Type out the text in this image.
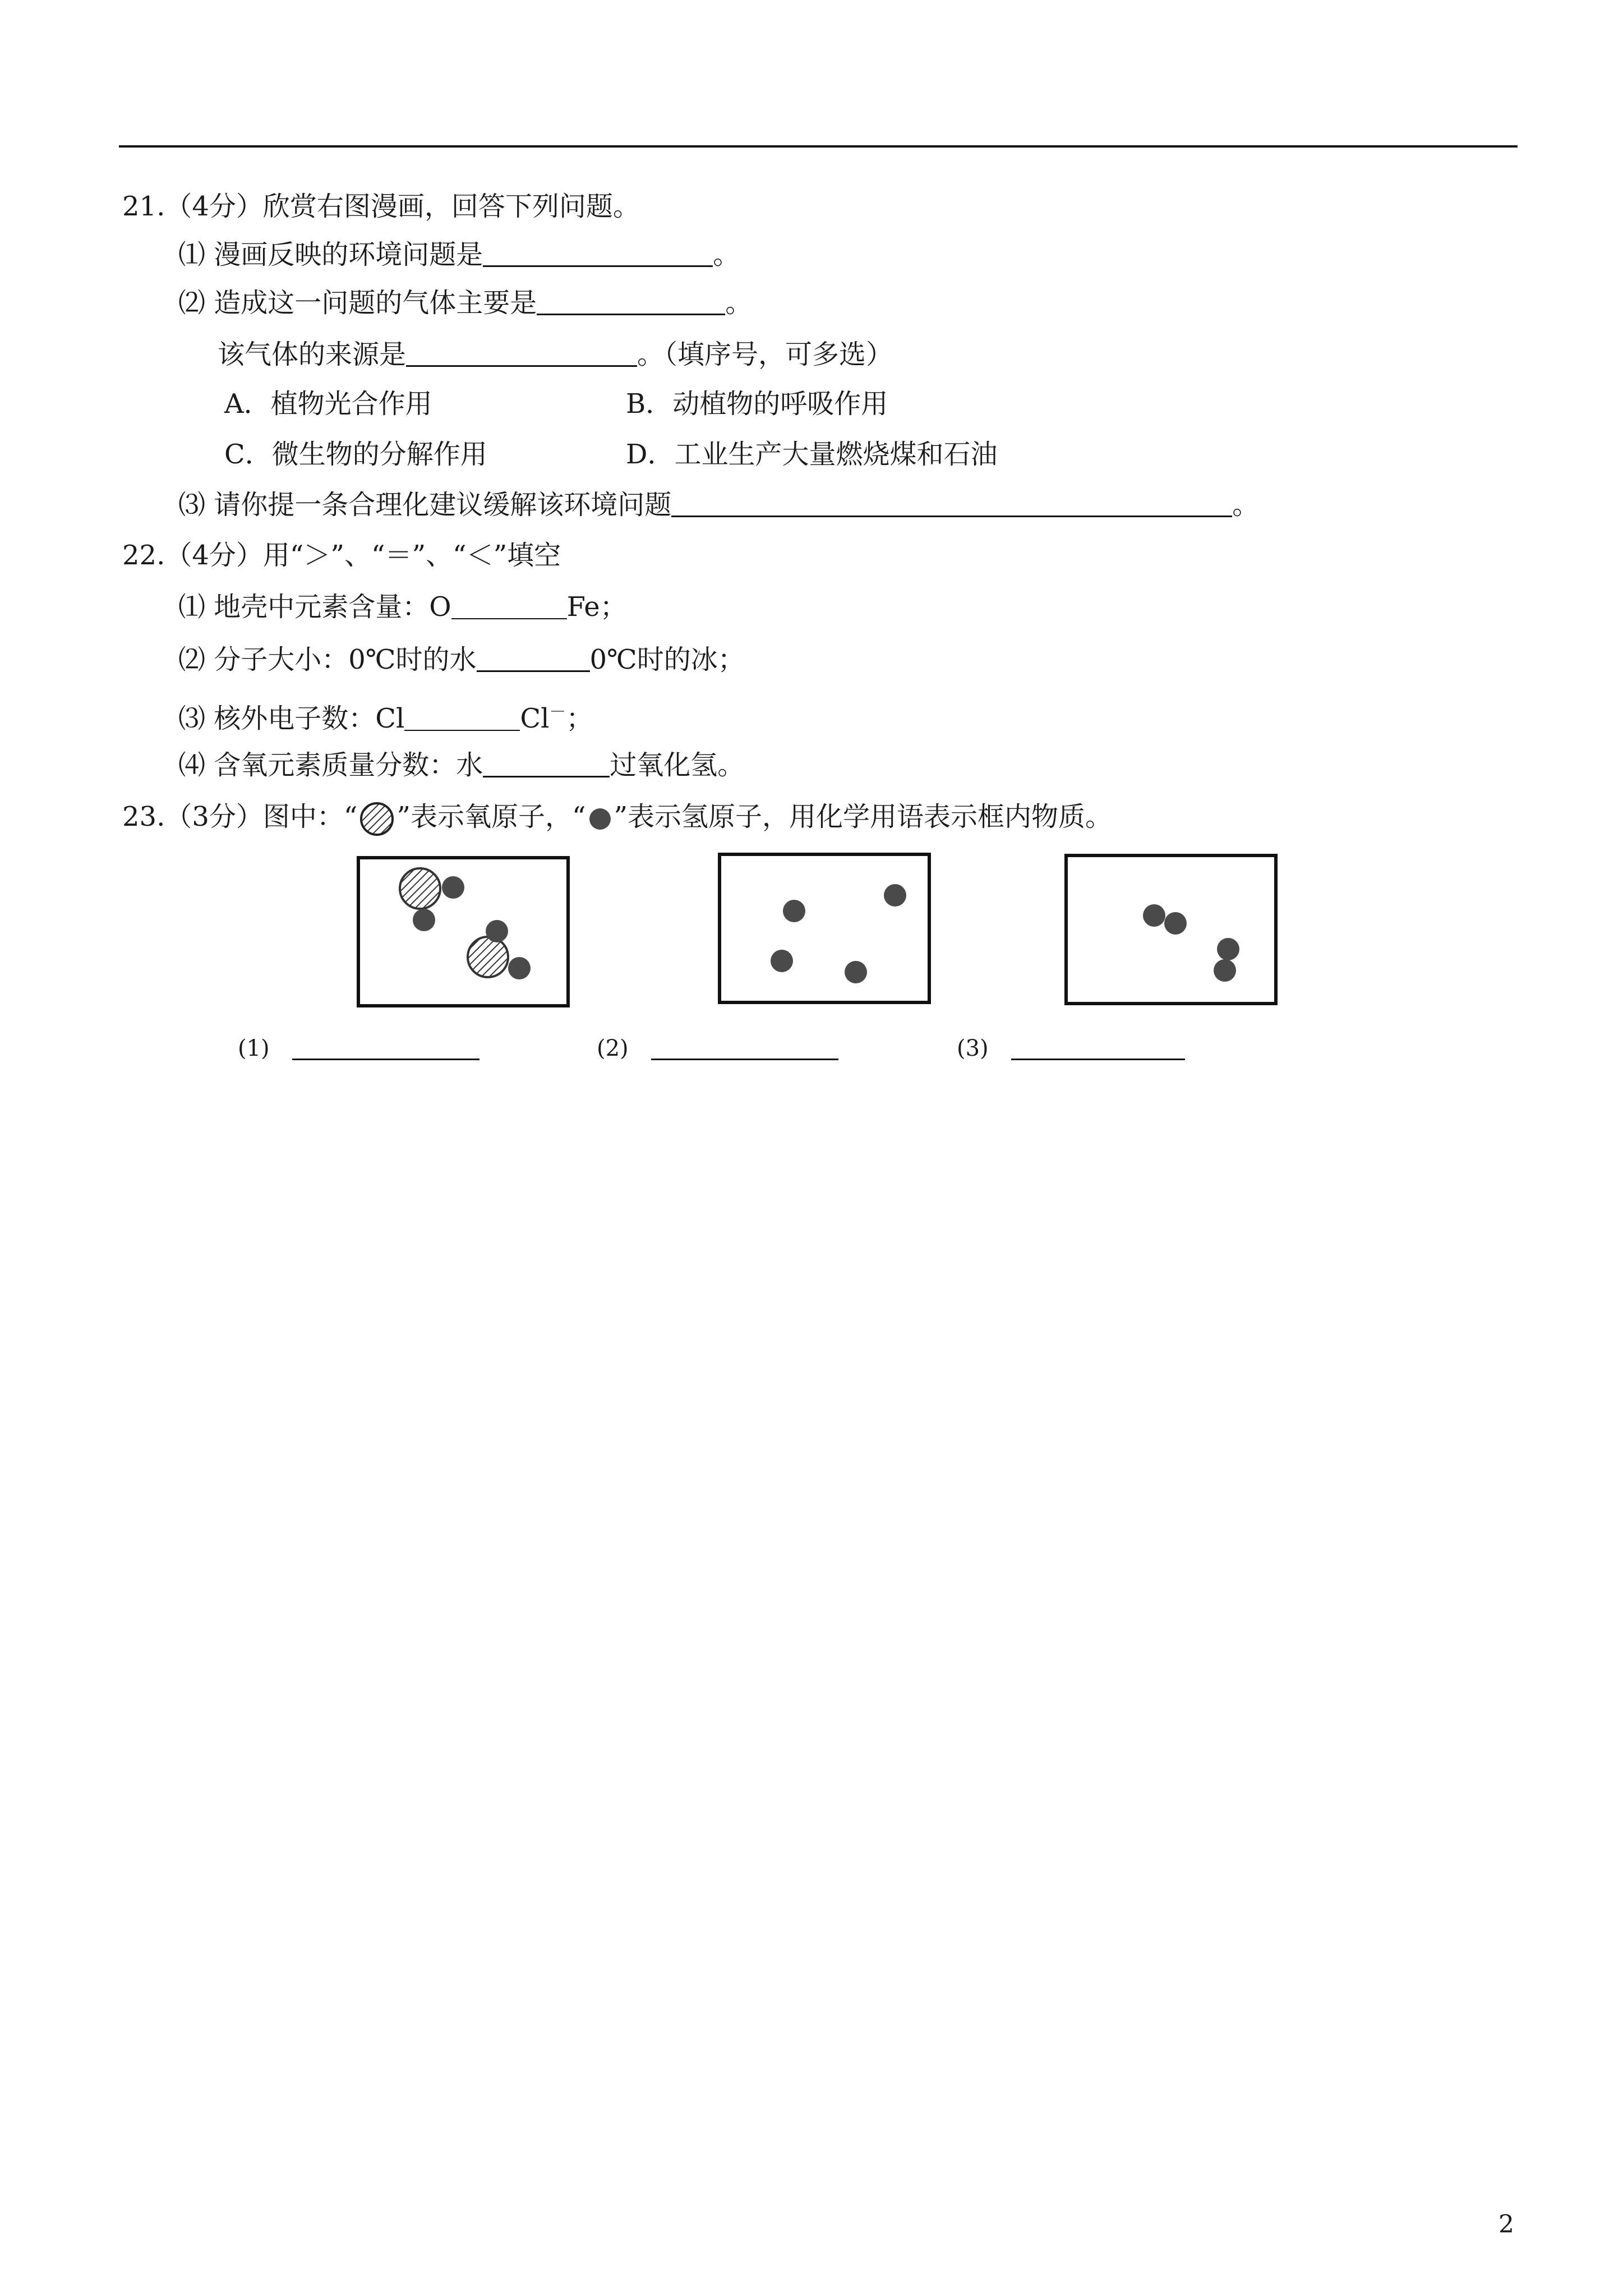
21.（4分）欣赏右图漫画，回答下列问题。
⑴ 漫画反映的环境问题是	。
⑵ 造成这一问题的气体主要是	。
该气体的来源是	。（填序号，可多选）
A．植物光合作用	B．动植物的呼吸作用
C．微生物的分解作用	D．工业生产大量燃烧煤和石油
⑶ 请你提一条合理化建议缓解该环境问题	。
22.（4分）用“＞”、“＝”、“＜”填空
⑴ 地壳中元素含量：O	Fe；
⑵ 分子大小：0℃时的水	0℃时的冰；
⑶ 核外电子数：Cl	Cl－；
⑷ 含氧元素质量分数：水	过氧化氢。
23.（3分）图中：“ ”表示氧原子，“ ”表示氢原子，用化学用语表示框内物质。
(1)	(2)	(3)
2
